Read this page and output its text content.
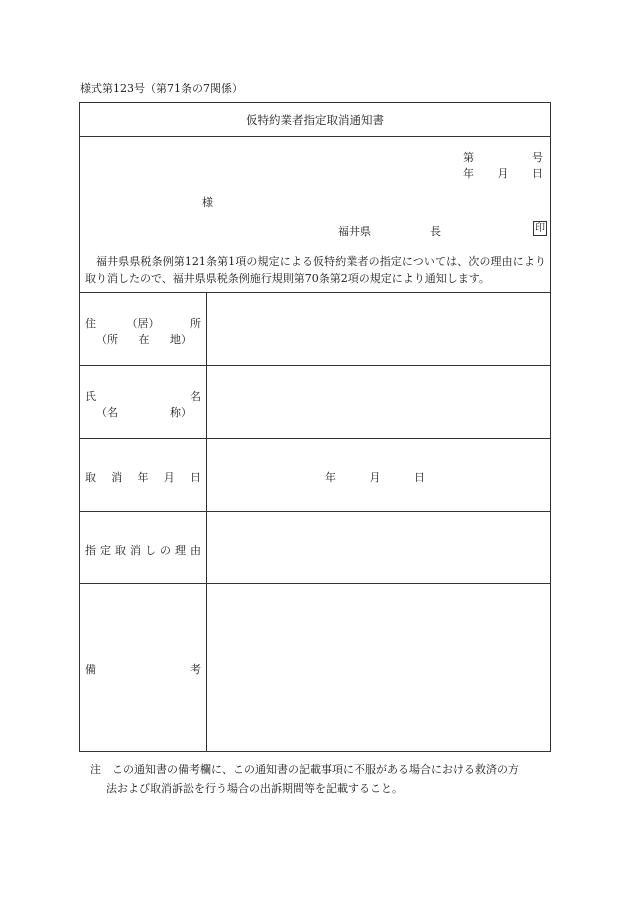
様式第123号（第71条の7関係）
仮特約業者指定取消通知書
第	号
年 月 日
様
福井県	長	印
福井県県税条例第121条第1項の規定による仮特約業者の指定については、次の理由により取り消したので、福井県県税条例施行規則第70条第2項の規定により通知します。
住	（居）	所
（所 在 地）
氏	名
（名	称）
取 消 年 月 日	年	月	日
指 定 取 消 し の 理 由
備	考
注　この通知書の備考欄に、この通知書の記載事項に不服がある場合における救済の方
法および取消訴訟を行う場合の出訴期間等を記載すること。
